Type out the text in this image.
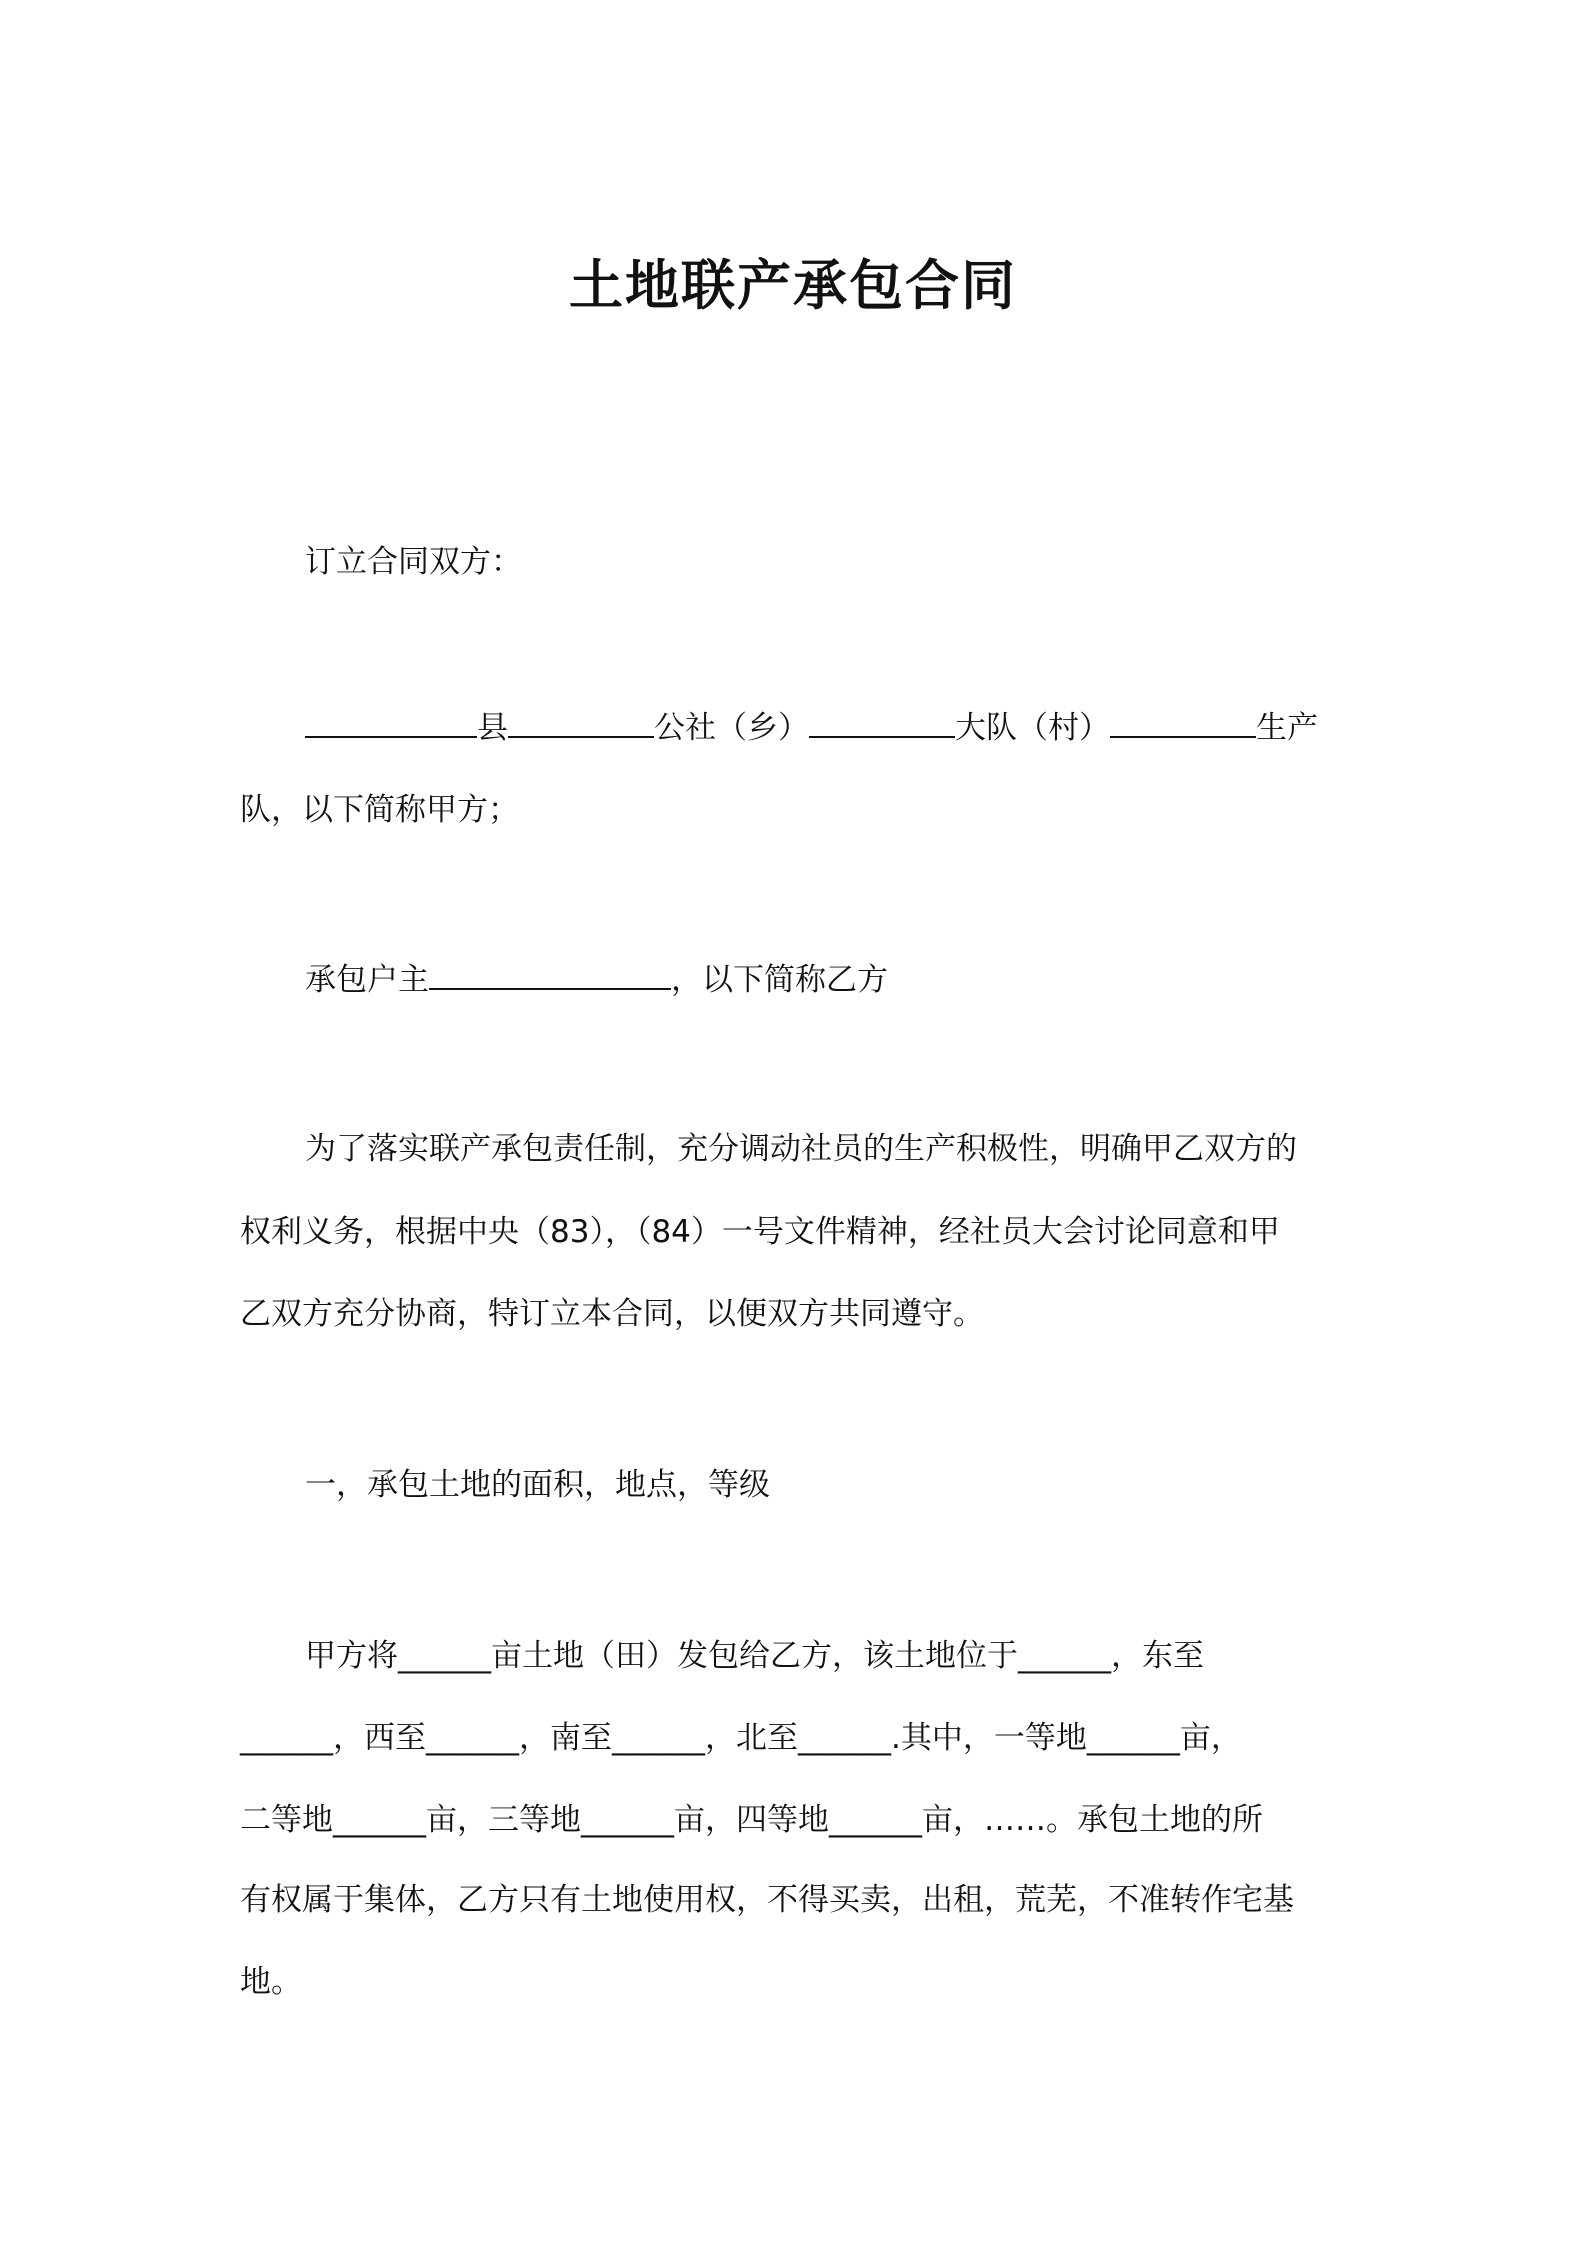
土地联产承包合同
订立合同双方：
县	公社（乡）	大队（村）	生产
队，以下简称甲方；
承包户主	，以下简称乙方
为了落实联产承包责任制，充分调动社员的生产积极性，明确甲乙双方的
权利义务，根据中央（83），（84）一号文件精神，经社员大会讨论同意和甲
乙双方充分协商，特订立本合同，以便双方共同遵守。
一，承包土地的面积，地点，等级
甲方将______亩土地（田）发包给乙方，该土地位于______，东至
______，西至______，南至______，北至______.其中，一等地______亩，
二等地______亩，三等地______亩，四等地______亩，……。承包土地的所
有权属于集体，乙方只有土地使用权，不得买卖，出租，荒芜，不准转作宅基
地。
